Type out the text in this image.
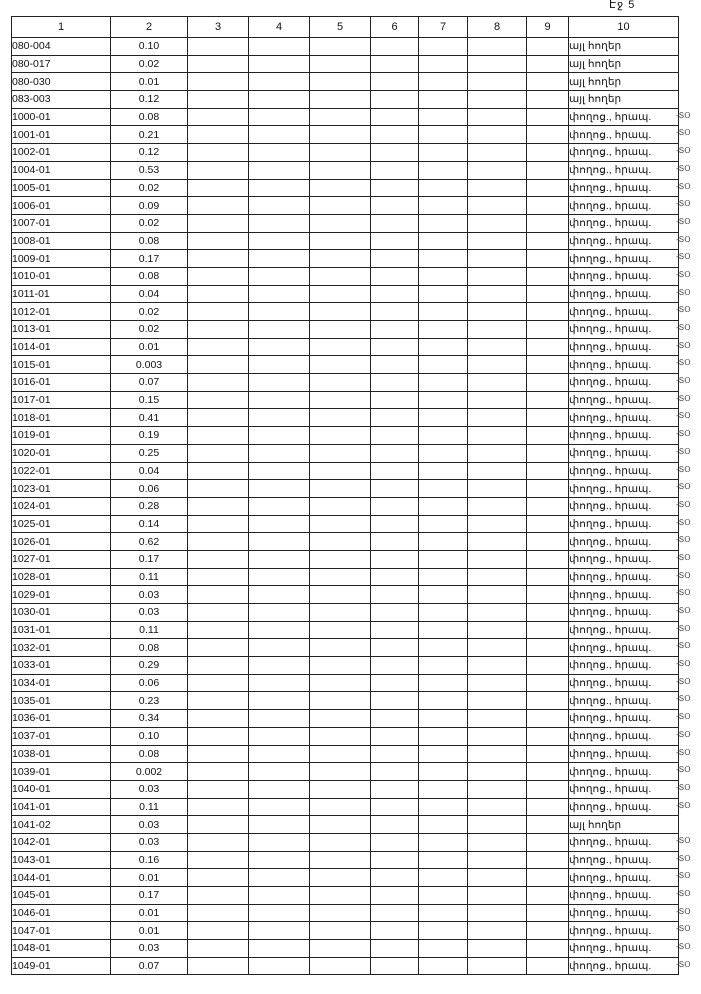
Էջ 5
1	2	3	4	5	6	7	8	9	10
080-004	0.10								այլ հողեր
080-017	0.02								այլ հողեր
080-030	0.01								այլ հողեր
083-003	0.12								այլ հողեր
1000-01	0.08								փողոց., հրապ.
1001-01	0.21								փողոց., հրապ.
1002-01	0.12								փողոց., հրապ.
1004-01	0.53								փողոց., հրապ.
1005-01	0.02								փողոց., հրապ.
1006-01	0.09								փողոց., հրապ.
1007-01	0.02								փողոց., հրապ.
1008-01	0.08								փողոց., հրապ.
1009-01	0.17								փողոց., հրապ.
1010-01	0.08								փողոց., հրապ.
1011-01	0.04								փողոց., հրապ.
1012-01	0.02								փողոց., հրապ.
1013-01	0.02								փողոց., հրապ.
1014-01	0.01								փողոց., հրապ.
1015-01	0.003								փողոց., հրապ.
1016-01	0.07								փողոց., հրապ.
1017-01	0.15								փողոց., հրապ.
1018-01	0.41								փողոց., հրապ.
1019-01	0.19								փողոց., հրապ.
1020-01	0.25								փողոց., հրապ.
1022-01	0.04								փողոց., հրապ.
1023-01	0.06								փողոց., հրապ.
1024-01	0.28								փողոց., հրապ.
1025-01	0.14								փողոց., հրապ.
1026-01	0.62								փողոց., հրապ.
1027-01	0.17								փողոց., հրապ.
1028-01	0.11								փողոց., հրապ.
1029-01	0.03								փողոց., հրապ.
1030-01	0.03								փողոց., հրապ.
1031-01	0.11								փողոց., հրապ.
1032-01	0.08								փողոց., հրապ.
1033-01	0.29								փողոց., հրապ.
1034-01	0.06								փողոց., հրապ.
1035-01	0.23								փողոց., հրապ.
1036-01	0.34								փողոց., հրապ.
1037-01	0.10								փողոց., հրապ.
1038-01	0.08								փողոց., հրապ.
1039-01	0.002								փողոց., հրապ.
1040-01	0.03								փողոց., հրապ.
1041-01	0.11								փողոց., հրապ.
1041-02	0.03								այլ հողեր
1042-01	0.03								փողոց., հրապ.
1043-01	0.16								փողոց., հրապ.
1044-01	0.01								փողոց., հրապ.
1045-01	0.17								փողոց., հրապ.
1046-01	0.01								փողոց., հրապ.
1047-01	0.01								փողոց., հրապ.
1048-01	0.03								փողոց., հրապ.
1049-01	0.07								փողոց., հրապ.
-ՏՕ
-ՏՕ
-ՏՕ
-ՏՕ
-ՏՕ
-ՏՕ
-ՏՕ
-ՏՕ
-ՏՕ
-ՏՕ
-ՏՕ
-ՏՕ
-ՏՕ
-ՏՕ
-ՏՕ
-ՏՕ
-ՏՕ
-ՏՕ
-ՏՕ
-ՏՕ
-ՏՕ
-ՏՕ
-ՏՕ
-ՏՕ
-ՏՕ
-ՏՕ
-ՏՕ
-ՏՕ
-ՏՕ
-ՏՕ
-ՏՕ
-ՏՕ
-ՏՕ
-ՏՕ
-ՏՕ
-ՏՕ
-ՏՕ
-ՏՕ
-ՏՕ
-ՏՕ
-ՏՕ
-ՏՕ
-ՏՕ
-ՏՕ
-ՏՕ
-ՏՕ
-ՏՕ
-ՏՕ
